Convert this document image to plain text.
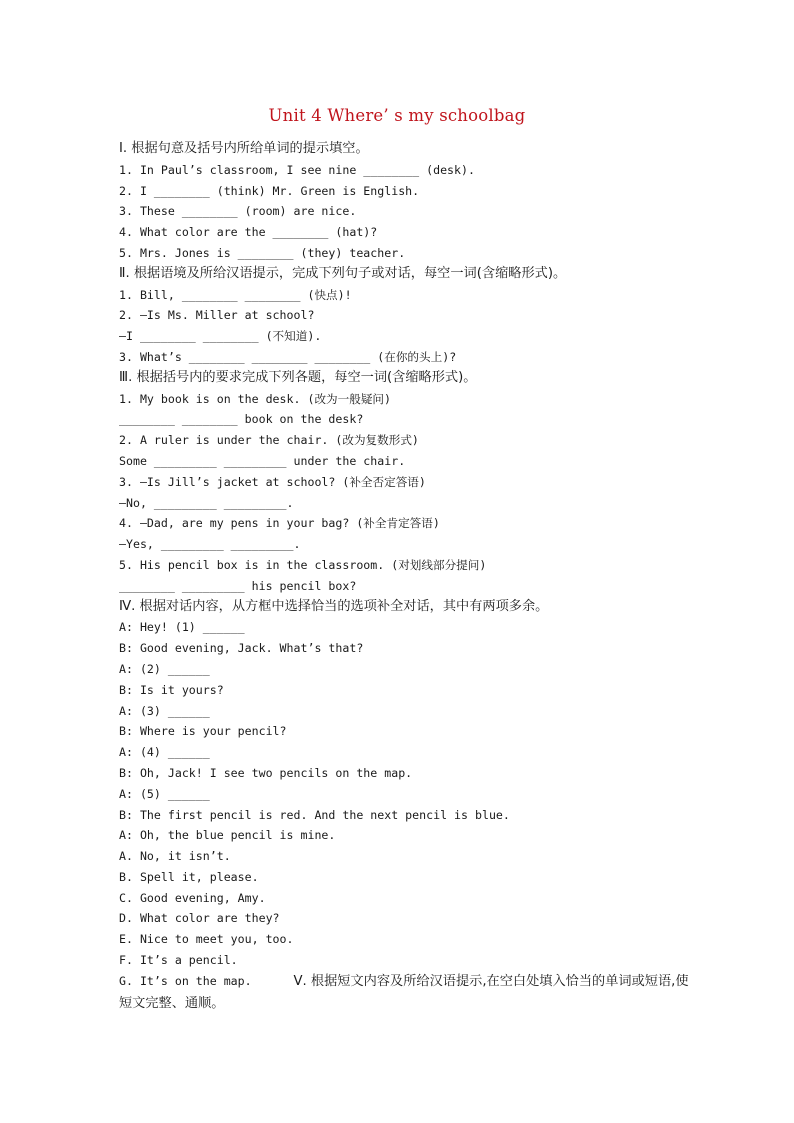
Unit 4 Where’ s my schoolbag
Ⅰ. 根据句意及括号内所给单词的提示填空。
1. In Paul’s classroom, I see nine ________ (desk).
2. I ________ (think) Mr. Green is English.
3. These ________ (room) are nice.
4. What color are the ________ (hat)?
5. Mrs. Jones is ________ (they) teacher.
Ⅱ. 根据语境及所给汉语提示，完成下列句子或对话，每空一词(含缩略形式)。
1. Bill, ________ ________ (快点)!
2. —Is Ms. Miller at school?
—I ________ ________ (不知道).
3. What’s ________ ________ ________ (在你的头上)?
Ⅲ. 根据括号内的要求完成下列各题，每空一词(含缩略形式)。
1. My book is on the desk. (改为一般疑问)
________ ________ book on the desk?
2. A ruler is under the chair. (改为复数形式)
Some _________ _________ under the chair.
3. —Is Jill’s jacket at school? (补全否定答语)
—No, _________ _________.
4. —Dad, are my pens in your bag? (补全肯定答语)
—Yes, _________ _________.
5. His pencil box is in the classroom. (对划线部分提问)
________ _________ his pencil box?
Ⅳ. 根据对话内容，从方框中选择恰当的选项补全对话，其中有两项多余。
A: Hey! (1) ______
B: Good evening, Jack. What’s that?
A: (2) ______
B: Is it yours?
A: (3) ______
B: Where is your pencil?
A: (4) ______
B: Oh, Jack! I see two pencils on the map.
A: (5) ______
B: The first pencil is red. And the next pencil is blue.
A: Oh, the blue pencil is mine.
A. No, it isn’t.
B. Spell it, please.
C. Good evening, Amy.
D. What color are they?
E. Nice to meet you, too.
F. It’s a pencil.
G. It’s on the map.	Ⅴ. 根据短文内容及所给汉语提示,在空白处填入恰当的单词或短语,使短文完整、通顺。
